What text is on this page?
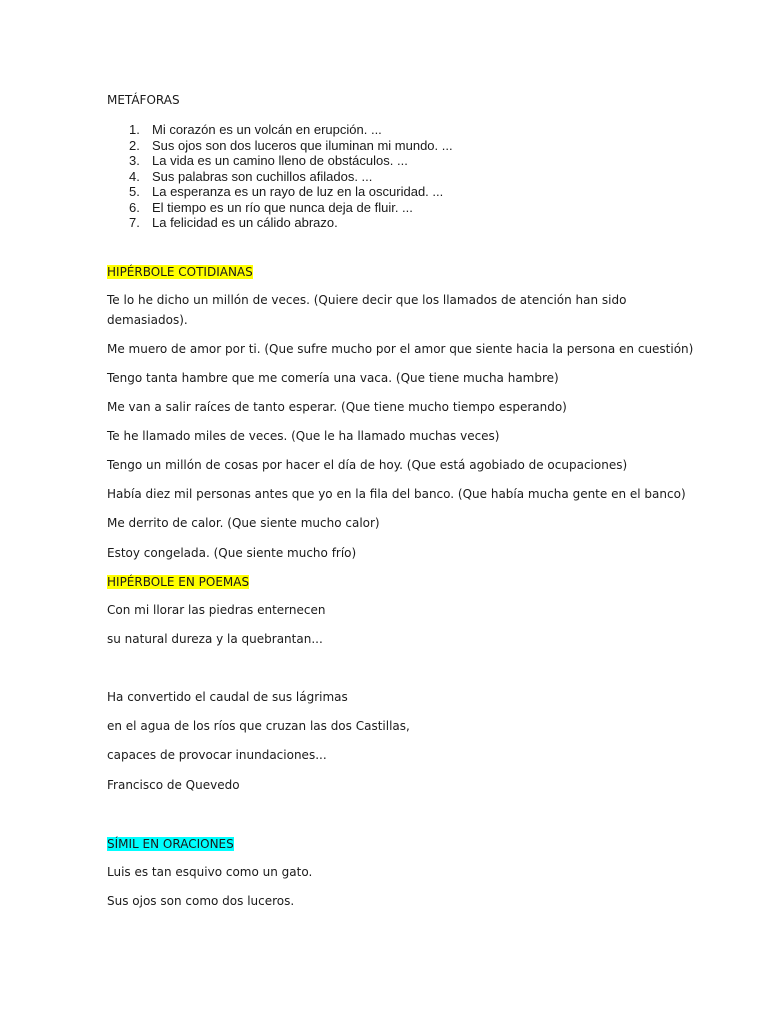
METÁFORAS

1. Mi corazón es un volcán en erupción. ...
2. Sus ojos son dos luceros que iluminan mi mundo. ...
3. La vida es un camino lleno de obstáculos. ...
4. Sus palabras son cuchillos afilados. ...
5. La esperanza es un rayo de luz en la oscuridad. ...
6. El tiempo es un río que nunca deja de fluir. ...
7. La felicidad es un cálido abrazo.

HIPÉRBOLE COTIDIANAS

Te lo he dicho un millón de veces. (Quiere decir que los llamados de atención han sido demasiados).

Me muero de amor por ti. (Que sufre mucho por el amor que siente hacia la persona en cuestión)

Tengo tanta hambre que me comería una vaca. (Que tiene mucha hambre)

Me van a salir raíces de tanto esperar. (Que tiene mucho tiempo esperando)

Te he llamado miles de veces. (Que le ha llamado muchas veces)

Tengo un millón de cosas por hacer el día de hoy. (Que está agobiado de ocupaciones)

Había diez mil personas antes que yo en la fila del banco. (Que había mucha gente en el banco)

Me derrito de calor. (Que siente mucho calor)

Estoy congelada. (Que siente mucho frío)

HIPÉRBOLE EN POEMAS

Con mi llorar las piedras enternecen

su natural dureza y la quebrantan...

Ha convertido el caudal de sus lágrimas

en el agua de los ríos que cruzan las dos Castillas,

capaces de provocar inundaciones...

Francisco de Quevedo

SÍMIL EN ORACIONES

Luis es tan esquivo como un gato.

Sus ojos son como dos luceros.
